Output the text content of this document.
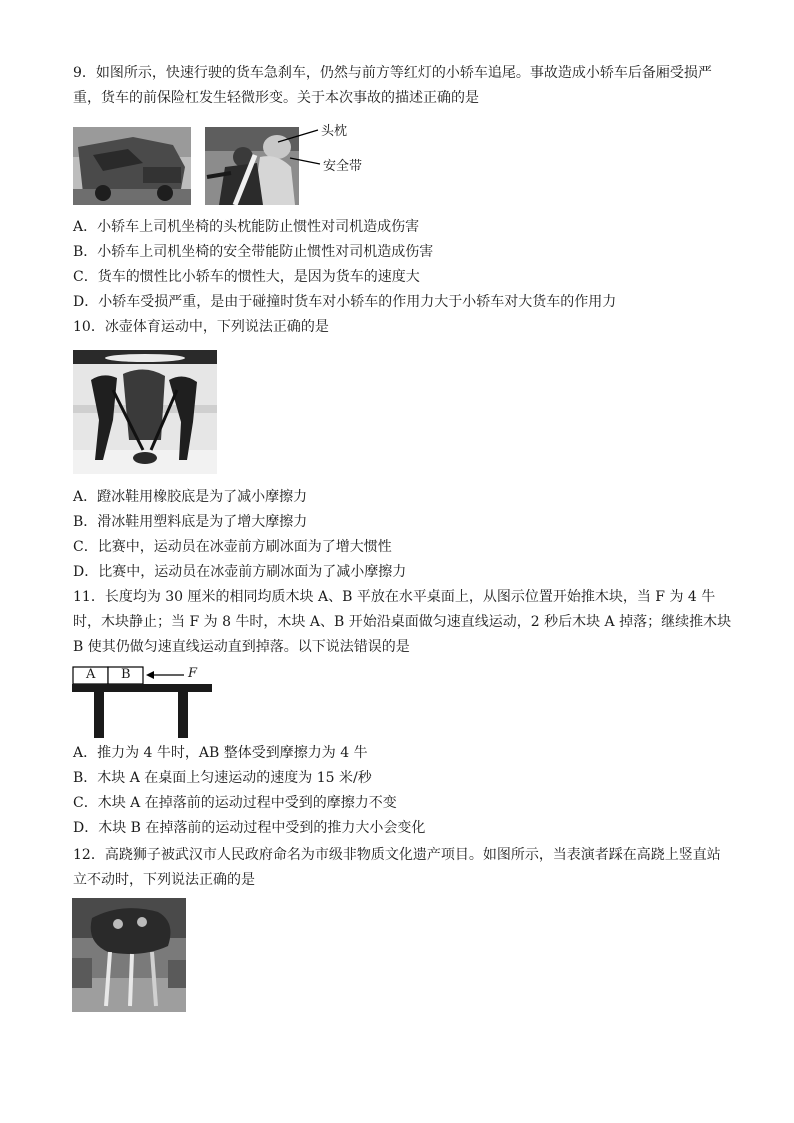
9．如图所示，快速行驶的货车急刹车，仍然与前方等红灯的小轿车追尾。事故造成小轿车后备厢受损严
重，货车的前保险杠发生轻微形变。关于本次事故的描述正确的是
头枕
安全带
A．小轿车上司机坐椅的头枕能防止惯性对司机造成伤害
B．小轿车上司机坐椅的安全带能防止惯性对司机造成伤害
C．货车的惯性比小轿车的惯性大，是因为货车的速度大
D．小轿车受损严重，是由于碰撞时货车对小轿车的作用力大于小轿车对大货车的作用力
10．冰壶体育运动中，下列说法正确的是
A．蹬冰鞋用橡胶底是为了减小摩擦力
B．滑冰鞋用塑料底是为了增大摩擦力
C．比赛中，运动员在冰壶前方刷冰面为了增大惯性
D．比赛中，运动员在冰壶前方刷冰面为了减小摩擦力
11．长度均为 30 厘米的相同均质木块 A、B 平放在水平桌面上，从图示位置开始推木块，当 F 为 4 牛
时，木块静止；当 F 为 8 牛时，木块 A、B 开始沿桌面做匀速直线运动，2 秒后木块 A 掉落；继续推木块
B 使其仍做匀速直线运动直到掉落。以下说法错误的是
A B	F
A．推力为 4 牛时，AB 整体受到摩擦力为 4 牛
B．木块 A 在桌面上匀速运动的速度为 15 米/秒
C．木块 A 在掉落前的运动过程中受到的摩擦力不变
D．木块 B 在掉落前的运动过程中受到的推力大小会变化
12．高跷狮子被武汉市人民政府命名为市级非物质文化遗产项目。如图所示，当表演者踩在高跷上竖直站
立不动时，下列说法正确的是
